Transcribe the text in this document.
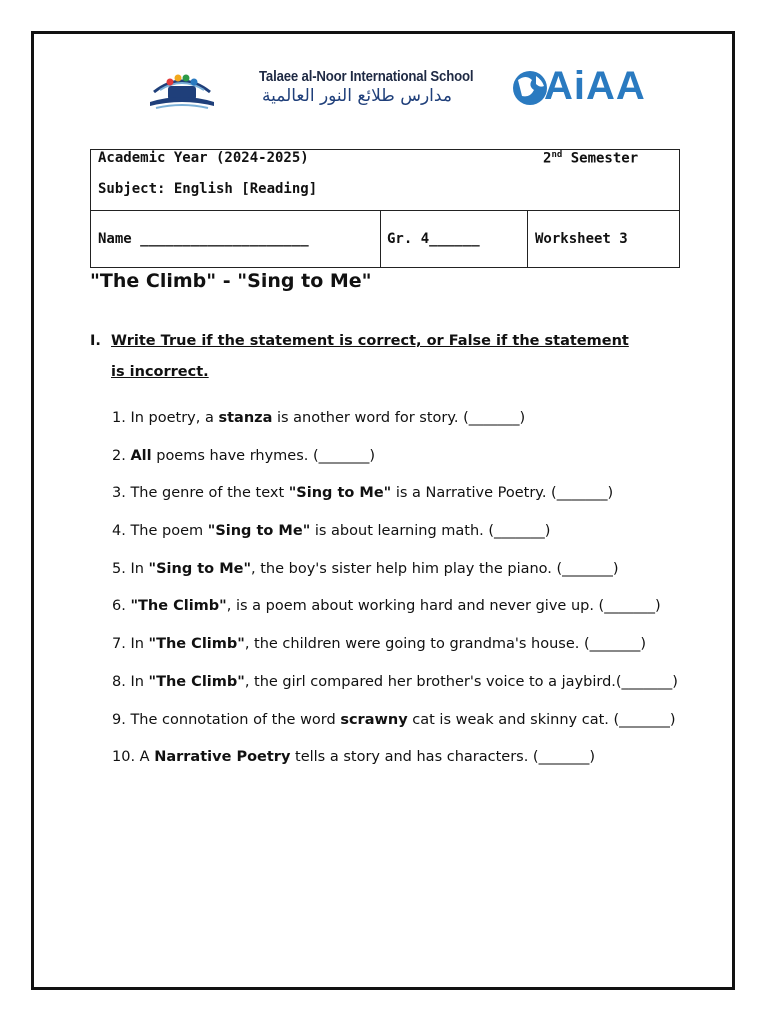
Talaee al-Noor International School
مدارس طلائع النور العالمية AiAA

Academic Year (2024-2025)	2nd Semester
Subject: English [Reading]
Name ____________________	Gr. 4______	Worksheet 3
"The Climb" - "Sing to Me"
I. Write True if the statement is correct, or False if the statement
is incorrect.
1. In poetry, a stanza is another word for story. (_______)
2. All poems have rhymes. (_______)
3. The genre of the text "Sing to Me" is a Narrative Poetry. (_______)
4. The poem "Sing to Me" is about learning math. (_______)
5. In "Sing to Me", the boy's sister help him play the piano. (_______)
6. "The Climb", is a poem about working hard and never give up. (_______)
7. In "The Climb", the children were going to grandma's house. (_______)
8. In "The Climb", the girl compared her brother's voice to a jaybird.(_______)
9. The connotation of the word scrawny cat is weak and skinny cat. (_______)
10. A Narrative Poetry tells a story and has characters. (_______)
